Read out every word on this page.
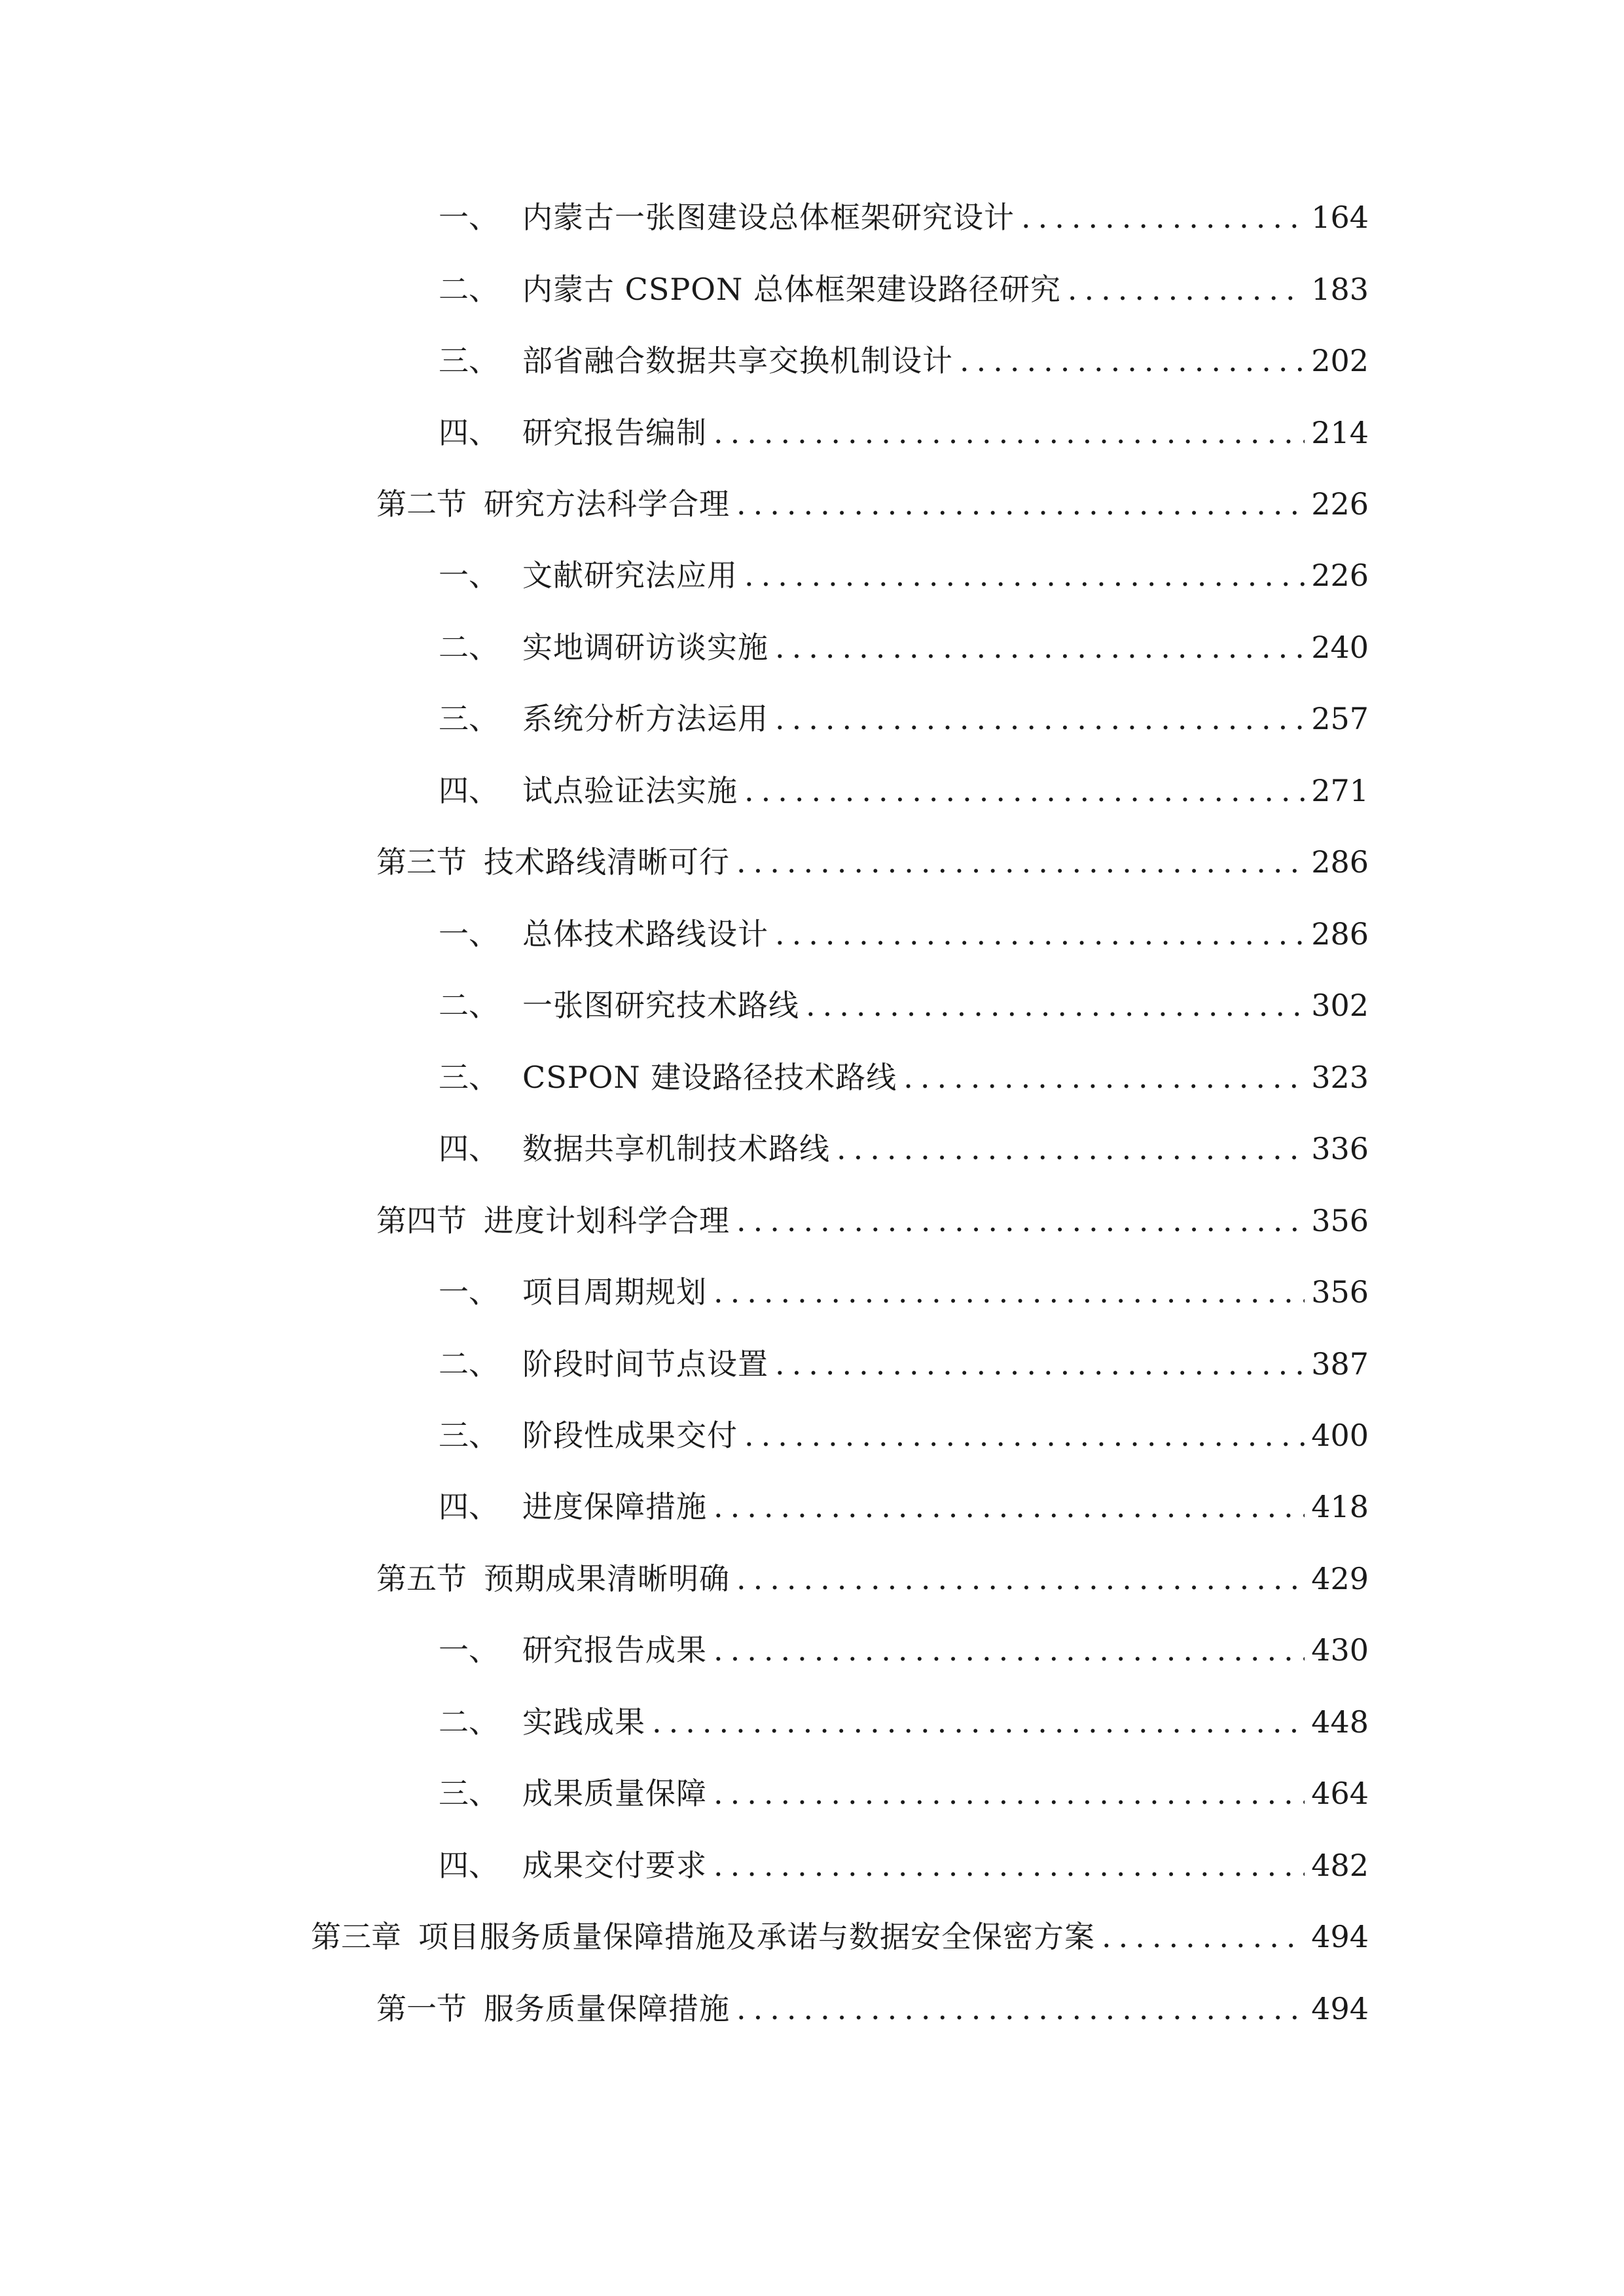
一、 内蒙古一张图建设总体框架研究设计 .....	164
二、 内蒙古 CSPON 总体框架建设路径研究 .....	183
三、 部省融合数据共享交换机制设计 .....	202
四、 研究报告编制 .....	214
第二节 研究方法科学合理 .....	226
一、 文献研究法应用 .....	226
二、 实地调研访谈实施 .....	240
三、 系统分析方法运用 .....	257
四、 试点验证法实施 .....	271
第三节 技术路线清晰可行 .....	286
一、 总体技术路线设计 .....	286
二、 一张图研究技术路线 .....	302
三、 CSPON 建设路径技术路线 .....	323
四、 数据共享机制技术路线 .....	336
第四节 进度计划科学合理 .....	356
一、 项目周期规划 .....	356
二、 阶段时间节点设置 .....	387
三、 阶段性成果交付 .....	400
四、 进度保障措施 .....	418
第五节 预期成果清晰明确 .....	429
一、 研究报告成果 .....	430
二、 实践成果 .....	448
三、 成果质量保障 .....	464
四、 成果交付要求 .....	482
第三章 项目服务质量保障措施及承诺与数据安全保密方案 .....	494
第一节 服务质量保障措施 .....	494
